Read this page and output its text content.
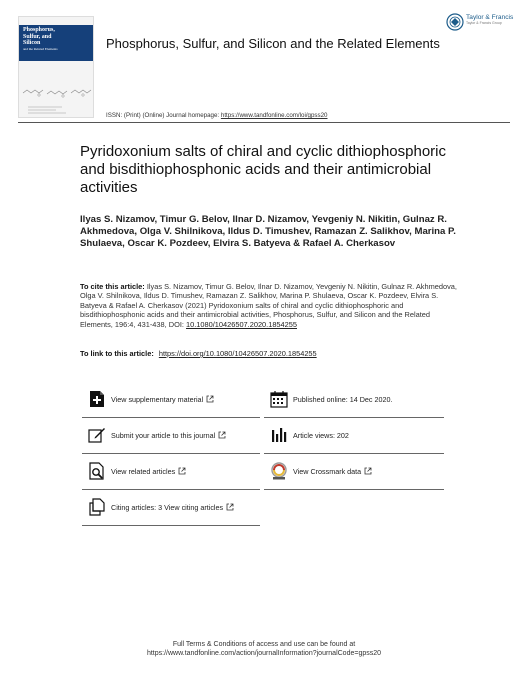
Phosphorus,
Sulfur, and
Silicon
and the Related Elements	Phosphorus, Sulfur, and Silicon and the Related Elements
Taylor & Francis
Taylor & Francis Group
ISSN: (Print) (Online) Journal homepage: https://www.tandfonline.com/loi/gpss20
Pyridoxonium salts of chiral and cyclic dithiophosphoric and bisdithiophosphonic acids and their antimicrobial activities
Ilyas S. Nizamov, Timur G. Belov, Ilnar D. Nizamov, Yevgeniy N. Nikitin, Gulnaz R. Akhmedova, Olga V. Shilnikova, Ildus D. Timushev, Ramazan Z. Salikhov, Marina P. Shulaeva, Oscar K. Pozdeev, Elvira S. Batyeva & Rafael A. Cherkasov
To cite this article: Ilyas S. Nizamov, Timur G. Belov, Ilnar D. Nizamov, Yevgeniy N. Nikitin, Gulnaz R. Akhmedova, Olga V. Shilnikova, Ildus D. Timushev, Ramazan Z. Salikhov, Marina P. Shulaeva, Oscar K. Pozdeev, Elvira S. Batyeva & Rafael A. Cherkasov (2021) Pyridoxonium salts of chiral and cyclic dithiophosphoric and bisdithiophosphonic acids and their antimicrobial activities, Phosphorus, Sulfur, and Silicon and the Related Elements, 196:4, 431-438, DOI: 10.1080/10426507.2020.1854255
To link to this article: https://doi.org/10.1080/10426507.2020.1854255
View supplementary material	Published online: 14 Dec 2020.
Submit your article to this journal	Article views: 202
View related articles	View Crossmark data
Citing articles: 3 View citing articles
Full Terms & Conditions of access and use can be found at
https://www.tandfonline.com/action/journalInformation?journalCode=gpss20
